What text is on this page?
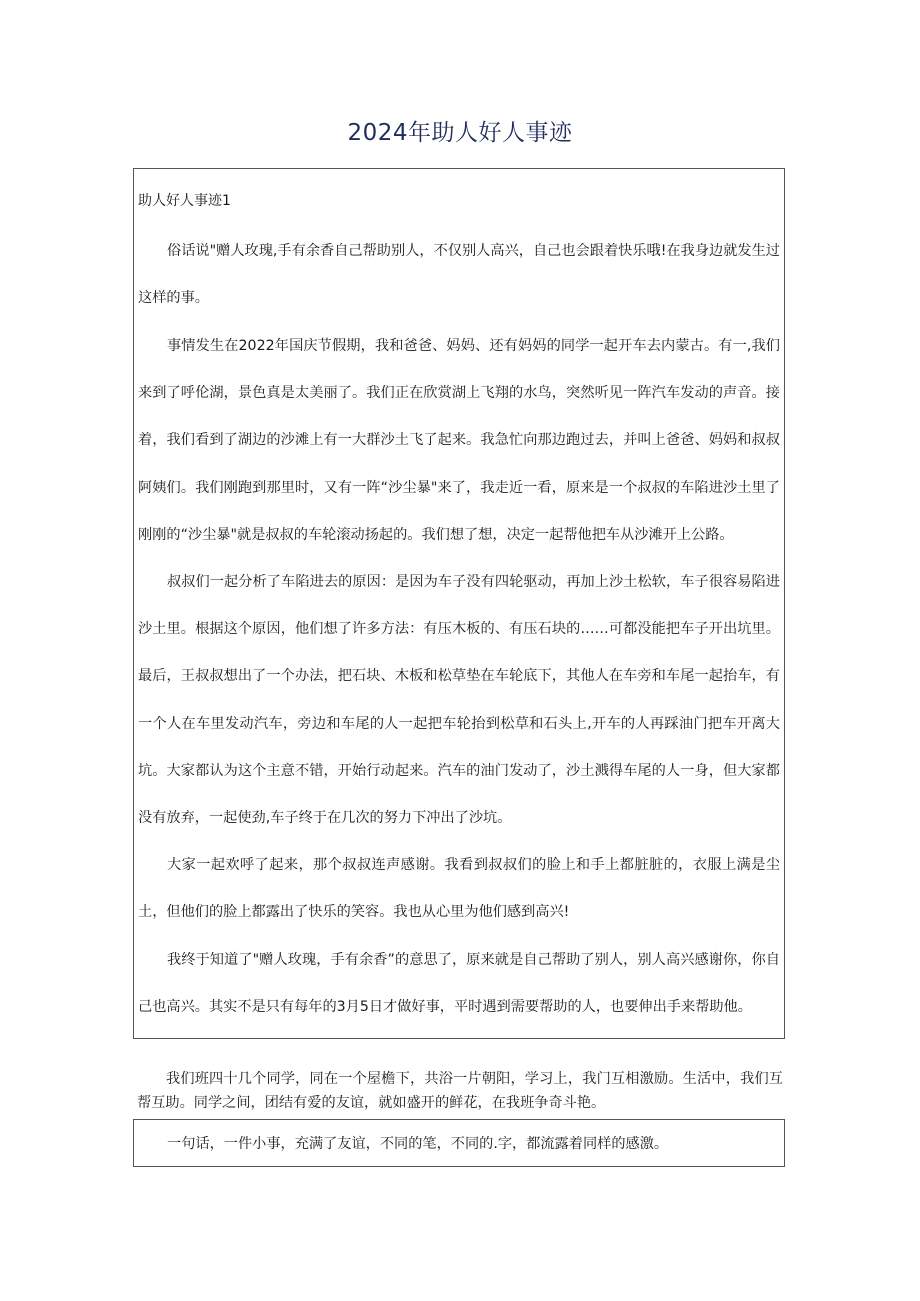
2024年助人好人事迹
助人好人事迹1

俗话说"赠人玫瑰,手有余香自己帮助别人，不仅别人高兴，自己也会跟着快乐哦!在我身边就发生过这样的事。

事情发生在2022年国庆节假期，我和爸爸、妈妈、还有妈妈的同学一起开车去内蒙古。有一,我们来到了呼伦湖，景色真是太美丽了。我们正在欣赏湖上飞翔的水鸟，突然听见一阵汽车发动的声音。接着，我们看到了湖边的沙滩上有一大群沙土飞了起来。我急忙向那边跑过去，并叫上爸爸、妈妈和叔叔阿姨们。我们刚跑到那里时，又有一阵“沙尘暴"来了，我走近一看，原来是一个叔叔的车陷进沙土里了刚刚的“沙尘暴"就是叔叔的车轮滚动扬起的。我们想了想，决定一起帮他把车从沙滩开上公路。

叔叔们一起分析了车陷进去的原因：是因为车子没有四轮驱动，再加上沙土松软，车子很容易陷进沙土里。根据这个原因，他们想了许多方法：有压木板的、有压石块的……可都没能把车子开出坑里。最后，王叔叔想出了一个办法，把石块、木板和松草垫在车轮底下，其他人在车旁和车尾一起抬车，有一个人在车里发动汽车，旁边和车尾的人一起把车轮抬到松草和石头上,开车的人再踩油门把车开离大坑。大家都认为这个主意不错，开始行动起来。汽车的油门发动了，沙土溅得车尾的人一身，但大家都没有放弃，一起使劲,车子终于在几次的努力下冲出了沙坑。

大家一起欢呼了起来，那个叔叔连声感谢。我看到叔叔们的脸上和手上都脏脏的，衣服上满是尘土，但他们的脸上都露出了快乐的笑容。我也从心里为他们感到高兴!

我终于知道了"赠人玫瑰，手有余香”的意思了，原来就是自己帮助了别人，别人高兴感谢你，你自己也高兴。其实不是只有每年的3月5日才做好事，平时遇到需要帮助的人，也要伸出手来帮助他。

我们班四十几个同学，同在一个屋檐下，共浴一片朝阳，学习上，我门互相激励。生活中，我们互帮互助。同学之间，团结有爱的友谊，就如盛开的鲜花，在我班争奇斗艳。

一句话，一件小事，充满了友谊，不同的笔，不同的.字，都流露着同样的感激。
